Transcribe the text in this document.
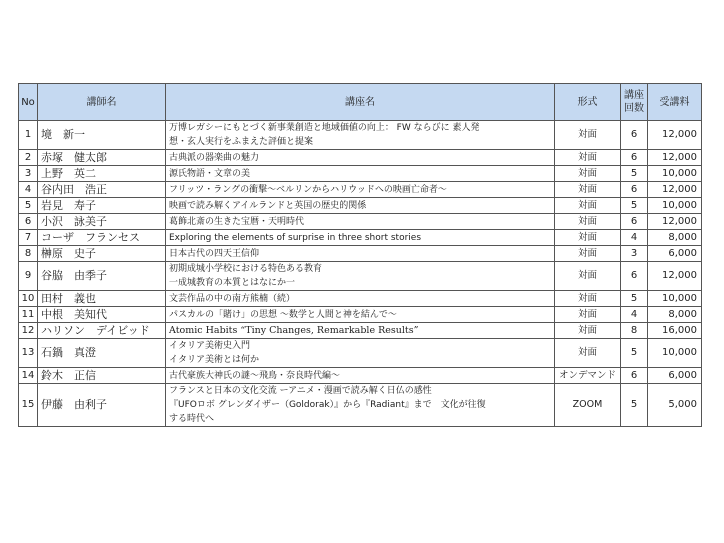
No	講師名	講座名	形式	講座
回数	受講料
1	境　新一	万博レガシーにもとづく新事業創造と地域価値の向上： FW ならびに 素人発
想・玄人実行をふまえた評価と提案	対面	6	12,000
2	赤塚　健太郎	古典派の器楽曲の魅力	対面	6	12,000
3	上野　英二	源氏物語・文章の美	対面	5	10,000
4	谷内田　浩正	フリッツ・ラングの衝撃～ベルリンからハリウッドへの映画亡命者～	対面	6	12,000
5	岩見　寿子	映画で読み解くアイルランドと英国の歴史的関係	対面	5	10,000
6	小沢　詠美子	葛飾北斎の生きた宝暦・天明時代	対面	6	12,000
7	コーザ　フランセス	Exploring the elements of surprise in three short stories	対面	4	8,000
8	榊原　史子	日本古代の四天王信仰	対面	3	6,000
9	谷脇　由季子	初期成城小学校における特色ある教育
一成城教育の本質とはなにか一	対面	6	12,000
10	田村　義也	文芸作品の中の南方熊楠（続）	対面	5	10,000
11	中根　美知代	パスカルの「賭け」の思想 ～数学と人間と神を結んで～	対面	4	8,000
12	ハリソン　デイビッド	Atomic Habits “Tiny Changes, Remarkable Results”	対面	8	16,000
13	石鍋　真澄	イタリア美術史入門
イタリア美術とは何か	対面	5	10,000
14	鈴木　正信	古代豪族大神氏の謎～飛鳥・奈良時代編～	オンデマンド	6	6,000
15	伊藤　由利子	フランスと日本の文化交流 ーアニメ・漫画で読み解く日仏の感性
『UFOロボ グレンダイザー（Goldorak）』から『Radiant』まで　文化が往復
する時代へ	ZOOM	5	5,000
